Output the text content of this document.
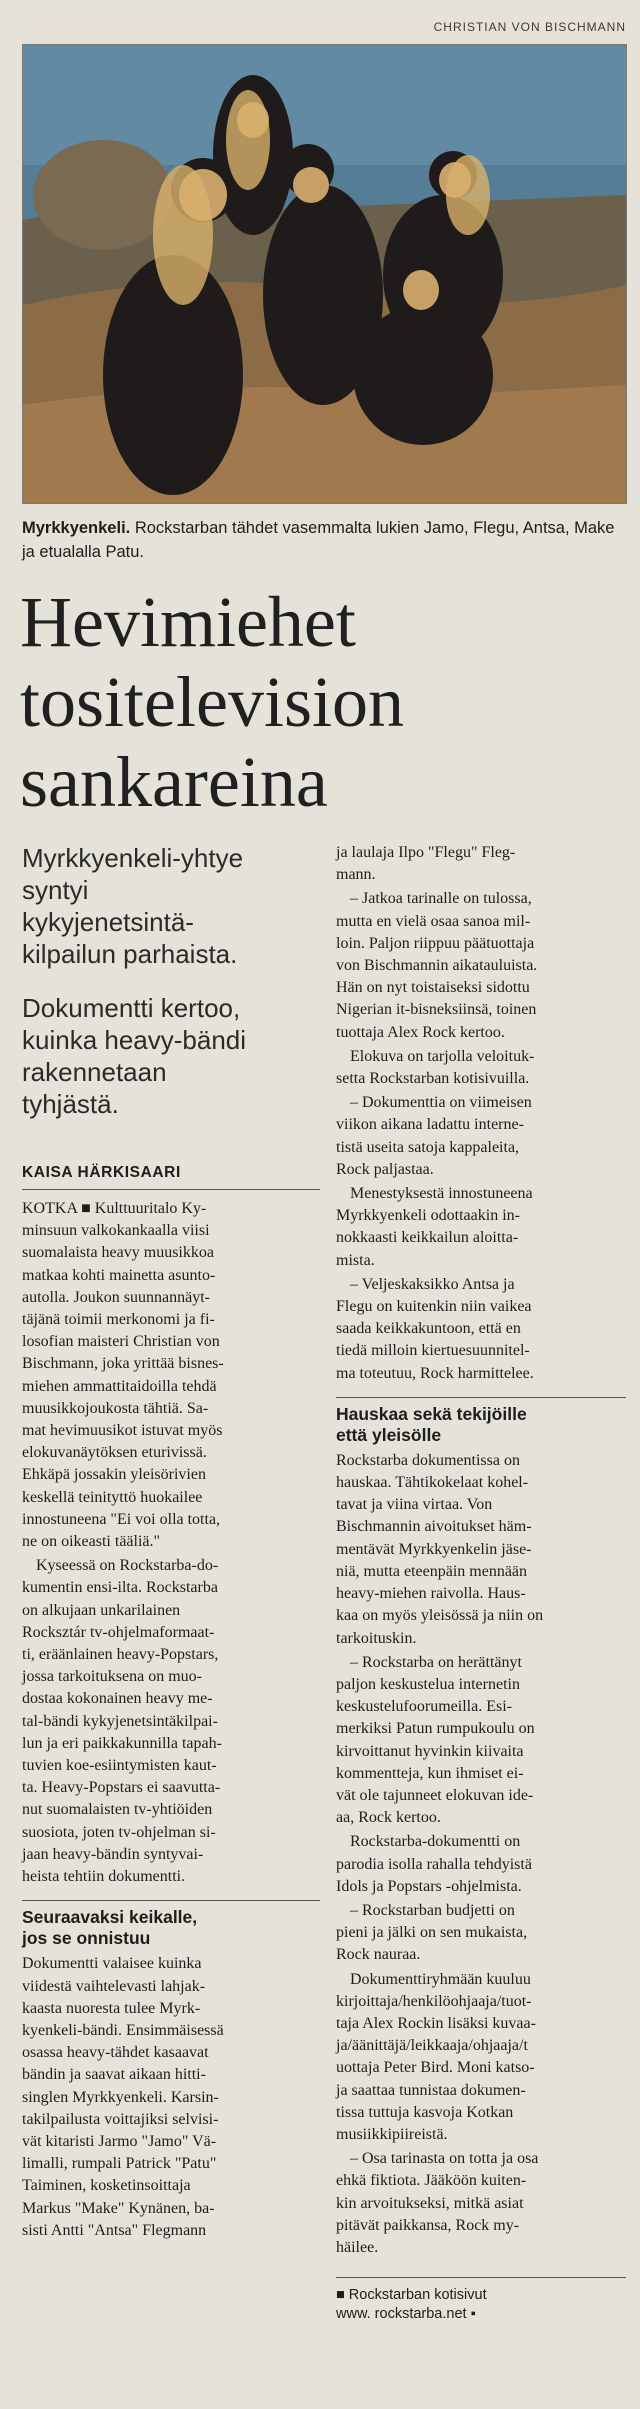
CHRISTIAN VON BISCHMANN
Myrkkyenkeli. Rockstarban tähdet vasemmalta lukien Jamo, Flegu, Antsa, Make ja etualalla Patu.
Hevimiehet
tositelevision
sankareina

Myrkkyenkeli-yhtye
syntyi
kykyjenetsintä-
kilpailun parhaista.

Dokumentti kertoo,
kuinka heavy-bändi
rakennetaan
tyhjästä.

KAISA HÄRKISAARI

KOTKA ■ Kulttuuritalo Ky-
minsuun valkokankaalla viisi
suomalaista heavy muusikkoa
matkaa kohti mainetta asunto-
autolla. Joukon suunnannäyt-
täjänä toimii merkonomi ja fi-
losofian maisteri Christian von
Bischmann, joka yrittää bisnes-
miehen ammattitaidoilla tehdä
muusikkojoukosta tähtiä. Sa-
mat hevimuusikot istuvat myös
elokuvanäytöksen eturivissä.
Ehkäpä jossakin yleisörivien
keskellä teinityttö huokailee
innostuneena "Ei voi olla totta,
ne on oikeasti tääliä."

Kyseessä on Rockstarba-do-
kumentin ensi-ilta. Rockstarba
on alkujaan unkarilainen
Rocksztár tv-ohjelmaformaat-
ti, eräänlainen heavy-Popstars,
jossa tarkoituksena on muo-
dostaa kokonainen heavy me-
tal-bändi kykyjenetsintäkilpai-
lun ja eri paikkakunnilla tapah-
tuvien koe-esiintymisten kaut-
ta. Heavy-Popstars ei saavuttа-
nut suomalaisten tv-yhtiöiden
suosiota, joten tv-ohjelman si-
jaan heavy-bändin syntyvai-
heista tehtiin dokumentti.

Seuraavaksi keikalle,
jos se onnistuu

Dokumentti valaisee kuinka
viidestä vaihtelevasti lahjak-
kaasta nuoresta tulee Myrk-
kyenkeli-bändi. Ensimmäisessä
osassa heavy-tähdet kasaavat
bändin ja saavat aikaan hitti-
singlen Myrkkyenkeli. Karsin-
takilpailusta voittajiksi selvisi-
vät kitaristi Jarmo "Jamo" Vä-
limalli, rumpali Patrick "Patu"
Taiminen, kosketinsoittaja
Markus "Make" Kynänen, ba-
sisti Antti "Antsa" Flegmann

ja laulaja Ilpo "Flegu" Fleg-
mann.

– Jatkoa tarinalle on tulossa,
mutta en vielä osaa sanoa mil-
loin. Paljon riippuu päätuottaja
von Bischmannin aikatauluista.
Hän on nyt toistaiseksi sidottu
Nigerian it-bisneksiinsä, toinen
tuottaja Alex Rock kertoo.

Elokuva on tarjolla veloituk-
setta Rockstarban kotisivuilla.

– Dokumenttia on viimeisen
viikon aikana ladattu interne-
tistä useita satoja kappaleita,
Rock paljastaa.

Menestyksestä innostuneena
Myrkkyenkeli odottaakin in-
nokkaasti keikkailun aloitta-
mista.

– Veljeskaksikko Antsa ja
Flegu on kuitenkin niin vaikea
saada keikkakuntoon, että en
tiedä milloin kiertuesuunnitel-
ma toteutuu, Rock harmittelee.

Hauskaa sekä tekijöille
että yleisölle

Rockstarba dokumentissa on
hauskaa. Tähtikokelaat kohel-
tavat ja viina virtaa. Von
Bischmannin aivoitukset häm-
mentävät Myrkkyenkelin jäse-
niä, mutta eteenpäin mennään
heavy-miehen raivolla. Haus-
kaa on myös yleisössä ja niin on
tarkoituskin.

– Rockstarba on herättänyt
paljon keskustelua internetin
keskustelufoorumeilla. Esi-
merkiksi Patun rumpukoulu on
kirvoittanut hyvinkin kiivaita
kommentteja, kun ihmiset ei-
vät ole tajunneet elokuvan ide-
aa, Rock kertoo.

Rockstarba-dokumentti on
parodia isolla rahalla tehdyistä
Idols ja Popstars -ohjelmista.

– Rockstarban budjetti on
pieni ja jälki on sen mukaista,
Rock nauraa.

Dokumenttiryhmään kuuluu
kirjoittaja/henkilöohjaaja/tuot-
taja Alex Rockin lisäksi kuvaa-
ja/äänittäjä/leikkaaja/ohjaaja/t
uottaja Peter Bird. Moni katso-
ja saattaa tunnistaa dokumen-
tissa tuttuja kasvoja Kotkan
musiikkipiireistä.

– Osa tarinasta on totta ja osa
ehkä fiktiota. Jääköön kuiten-
kin arvoitukseksi, mitkä asiat
pitävät paikkansa, Rock my-
häilee.

■ Rockstarban kotisivut
www. rockstarba.net ▪
